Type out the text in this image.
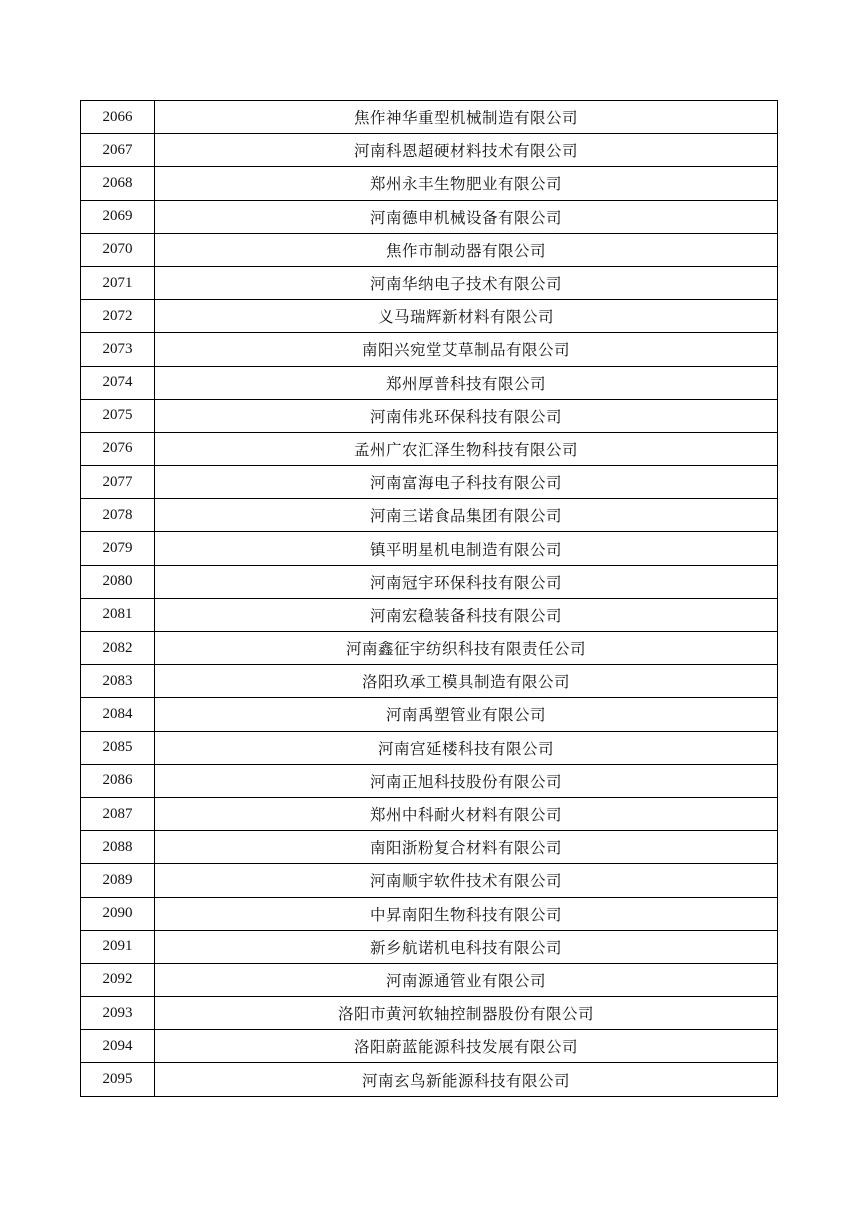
2066	焦作神华重型机械制造有限公司
2067	河南科恩超硬材料技术有限公司
2068	郑州永丰生物肥业有限公司
2069	河南德申机械设备有限公司
2070	焦作市制动器有限公司
2071	河南华纳电子技术有限公司
2072	义马瑞辉新材料有限公司
2073	南阳兴宛堂艾草制品有限公司
2074	郑州厚普科技有限公司
2075	河南伟兆环保科技有限公司
2076	孟州广农汇泽生物科技有限公司
2077	河南富海电子科技有限公司
2078	河南三诺食品集团有限公司
2079	镇平明星机电制造有限公司
2080	河南冠宇环保科技有限公司
2081	河南宏稳装备科技有限公司
2082	河南鑫征宇纺织科技有限责任公司
2083	洛阳玖承工模具制造有限公司
2084	河南禹塑管业有限公司
2085	河南宫延楼科技有限公司
2086	河南正旭科技股份有限公司
2087	郑州中科耐火材料有限公司
2088	南阳浙粉复合材料有限公司
2089	河南顺宇软件技术有限公司
2090	中昇南阳生物科技有限公司
2091	新乡航诺机电科技有限公司
2092	河南源通管业有限公司
2093	洛阳市黄河软轴控制器股份有限公司
2094	洛阳蔚蓝能源科技发展有限公司
2095	河南玄鸟新能源科技有限公司
